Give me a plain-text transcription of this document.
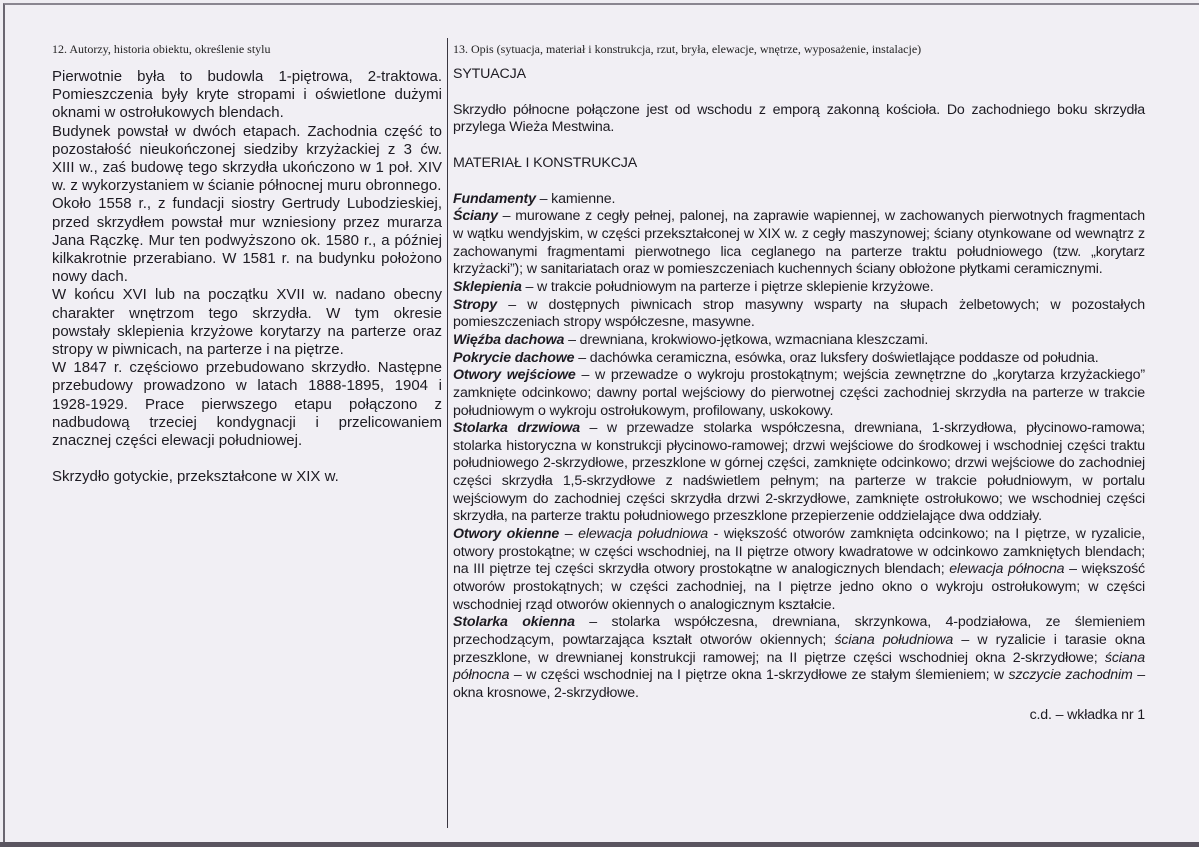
12. Autorzy, historia obiektu, określenie stylu	13. Opis (sytuacja, materiał i konstrukcja, rzut, bryła, elewacje, wnętrze, wyposażenie, instalacje)

Pierwotnie była to budowla 1-piętrowa, 2-traktowa. Pomieszczenia były kryte stropami i oświetlone dużymi oknami w ostrołukowych blendach.

Budynek powstał w dwóch etapach. Zachodnia część to pozostałość nieukończonej siedziby krzyżackiej z 3 ćw. XIII w., zaś budowę tego skrzydła ukończono w 1 poł. XIV w. z wykorzystaniem w ścianie północnej muru obronnego.

Około 1558 r., z fundacji siostry Gertrudy Lubodzieskiej, przed skrzydłem powstał mur wzniesiony przez murarza Jana Rączkę. Mur ten podwyższono ok. 1580 r., a później kilkakrotnie przerabiano. W 1581 r. na budynku położono nowy dach.

W końcu XVI lub na początku XVII w. nadano obecny charakter wnętrzom tego skrzydła. W tym okresie powstały sklepienia krzyżowe korytarzy na parterze oraz stropy w piwnicach, na parterze i na piętrze.

W 1847 r. częściowo przebudowano skrzydło. Następne przebudowy prowadzono w latach 1888-1895, 1904 i 1928-1929. Prace pierwszego etapu połączono z nadbudową trzeciej kondygnacji i przelicowaniem znacznej części elewacji południowej.

Skrzydło gotyckie, przekształcone w XIX w.

SYTUACJA

Skrzydło północne połączone jest od wschodu z emporą zakonną kościoła. Do zachodniego boku skrzydła przylega Wieża Mestwina.

MATERIAŁ I KONSTRUKCJA

Fundamenty – kamienne.

Ściany – murowane z cegły pełnej, palonej, na zaprawie wapiennej, w zachowanych pierwotnych fragmentach w wątku wendyjskim, w części przekształconej w XIX w. z cegły maszynowej; ściany otynkowane od wewnątrz z zachowanymi fragmentami pierwotnego lica ceglanego na parterze traktu południowego (tzw. „korytarz krzyżacki”); w sanitariatach oraz w pomieszczeniach kuchennych ściany obłożone płytkami ceramicznymi.

Sklepienia – w trakcie południowym na parterze i piętrze sklepienie krzyżowe.

Stropy – w dostępnych piwnicach strop masywny wsparty na słupach żelbetowych; w pozostałych pomieszczeniach stropy współczesne, masywne.

Więźba dachowa – drewniana, krokwiowo-jętkowa, wzmacniana kleszczami.

Pokrycie dachowe – dachówka ceramiczna, esówka, oraz luksfery doświetlające poddasze od południa.

Otwory wejściowe – w przewadze o wykroju prostokątnym; wejścia zewnętrzne do „korytarza krzyżackiego” zamknięte odcinkowo; dawny portal wejściowy do pierwotnej części zachodniej skrzydła na parterze w trakcie południowym o wykroju ostrołukowym, profilowany, uskokowy.

Stolarka drzwiowa – w przewadze stolarka współczesna, drewniana, 1-skrzydłowa, płycinowo-ramowa; stolarka historyczna w konstrukcji płycinowo-ramowej; drzwi wejściowe do środkowej i wschodniej części traktu południowego 2-skrzydłowe, przeszklone w górnej części, zamknięte odcinkowo; drzwi wejściowe do zachodniej części skrzydła 1,5-skrzydłowe z nadświetlem pełnym; na parterze w trakcie południowym, w portalu wejściowym do zachodniej części skrzydła drzwi 2-skrzydłowe, zamknięte ostrołukowo; we wschodniej części skrzydła, na parterze traktu południowego przeszklone przepierzenie oddzielające dwa oddziały.

Otwory okienne – elewacja południowa - większość otworów zamknięta odcinkowo; na I piętrze, w ryzalicie, otwory prostokątne; w części wschodniej, na II piętrze otwory kwadratowe w odcinkowo zamkniętych blendach; na III piętrze tej części skrzydła otwory prostokątne w analogicznych blendach; elewacja północna – większość otworów prostokątnych; w części zachodniej, na I piętrze jedno okno o wykroju ostrołukowym; w części wschodniej rząd otworów okiennych o analogicznym kształcie.

Stolarka okienna – stolarka współczesna, drewniana, skrzynkowa, 4-podziałowa, ze ślemieniem przechodzącym, powtarzająca kształt otworów okiennych; ściana południowa – w ryzalicie i tarasie okna przeszklone, w drewnianej konstrukcji ramowej; na II piętrze części wschodniej okna 2-skrzydłowe; ściana północna – w części wschodniej na I piętrze okna 1-skrzydłowe ze stałym ślemieniem; w szczycie zachodnim – okna krosnowe, 2-skrzydłowe.

c.d. – wkładka nr 1
